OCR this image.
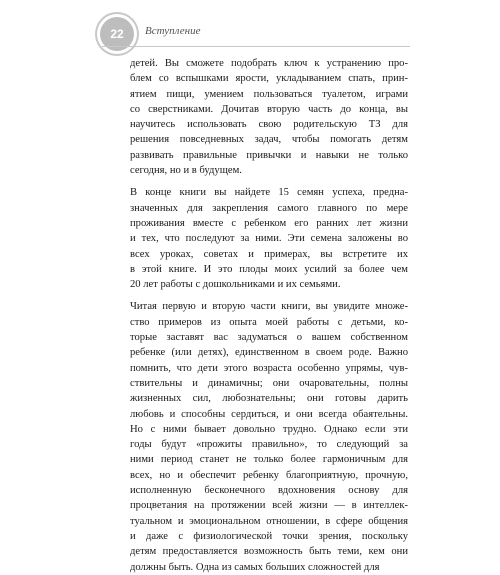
22 Вступление
детей. Вы сможете подобрать ключ к устранению про-
блем со вспышками ярости, укладыванием спать, прин-
ятием пищи, умением пользоваться туалетом, играми
со сверстниками. Дочитав вторую часть до конца, вы
научитесь использовать свою родительскую ТЗ для
решения повседневных задач, чтобы помогать детям
развивать правильные привычки и навыки не только
сегодня, но и в будущем.
В конце книги вы найдете 15 семян успеха, предна-
значенных для закрепления самого главного по мере
проживания вместе с ребенком его ранних лет жизни
и тех, что последуют за ними. Эти семена заложены во
всех уроках, советах и примерах, вы встретите их
в этой книге. И это плоды моих усилий за более чем
20 лет работы с дошкольниками и их семьями.
Читая первую и вторую части книги, вы увидите множе-
ство примеров из опыта моей работы с детьми, ко-
торые заставят вас задуматься о вашем собственном
ребенке (или детях), единственном в своем роде. Важно
помнить, что дети этого возраста особенно упрямы, чув-
ствительны и динамичны; они очаровательны, полны
жизненных сил, любознательны; они готовы дарить
любовь и способны сердиться, и они всегда обаятельны.
Но с ними бывает довольно трудно. Однако если эти
годы будут «прожиты правильно», то следующий за
ними период станет не только более гармоничным для
всех, но и обеспечит ребенку благоприятную, прочную,
исполненную бесконечного вдохновения основу для
процветания на протяжении всей жизни — в интеллек-
туальном и эмоциональном отношении, в сфере общения
и даже с физиологической точки зрения, поскольку
детям предоставляется возможность быть теми, кем они
должны быть. Одна из самых больших сложностей для
